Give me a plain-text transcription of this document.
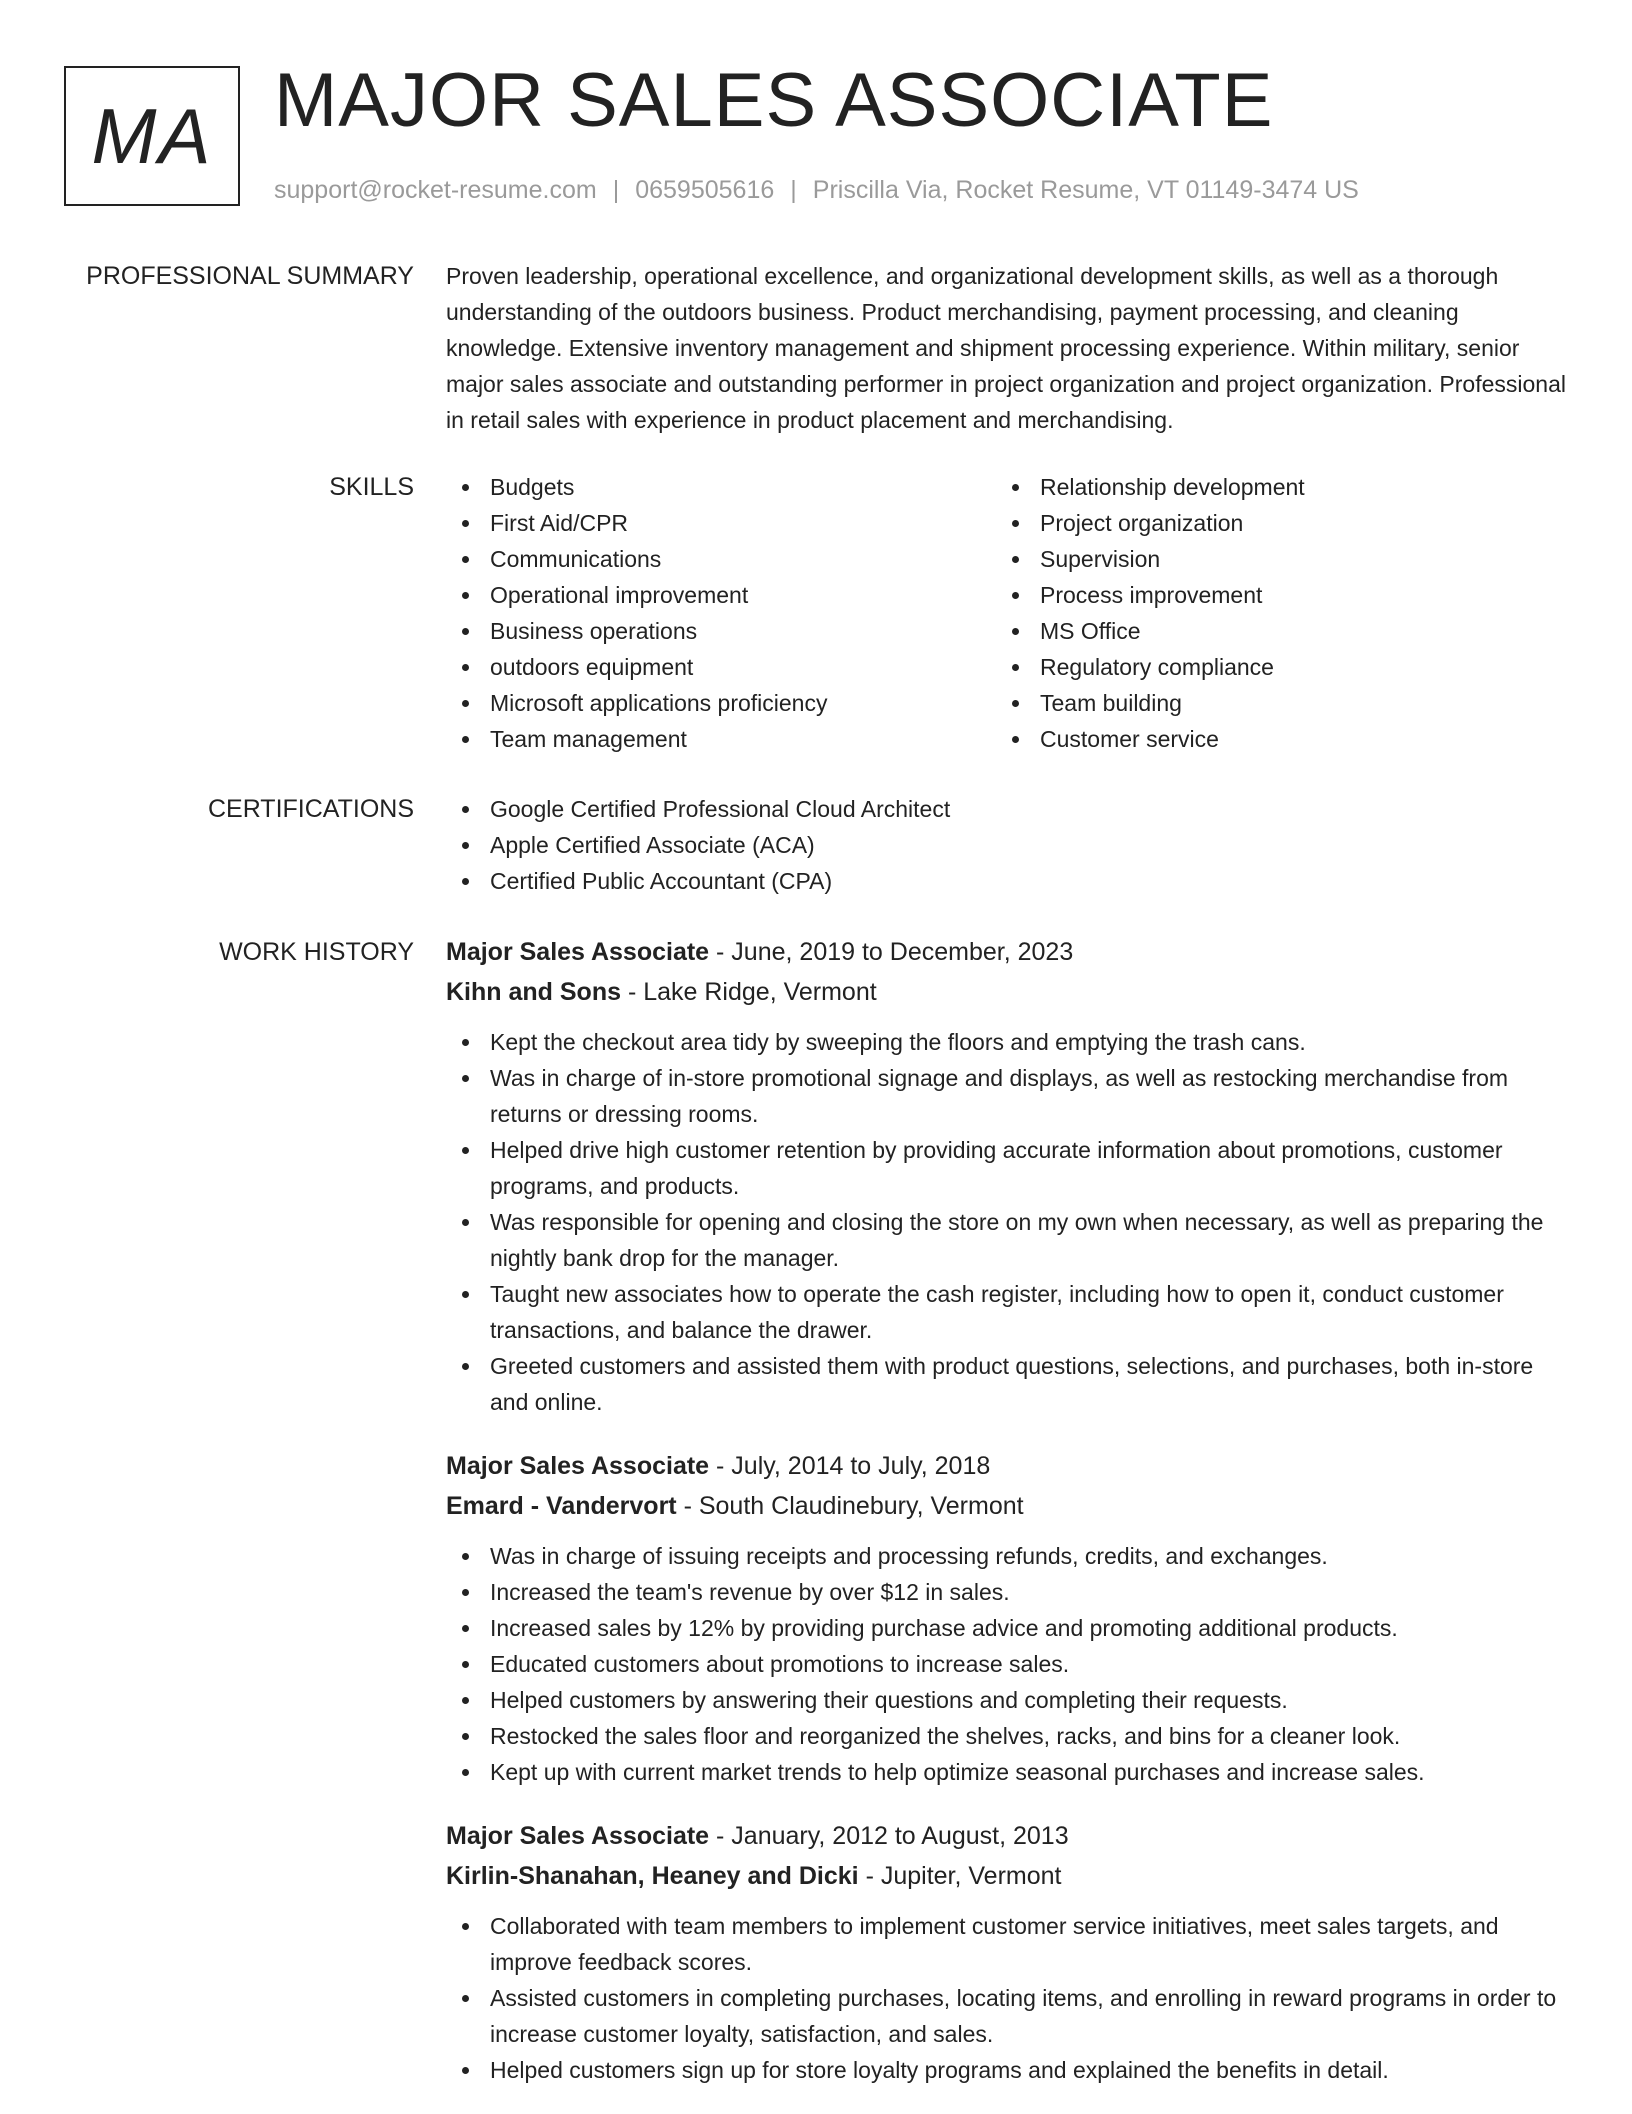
MA MAJOR SALES ASSOCIATE
support@rocket-resume.com | 0659505616 | Priscilla Via, Rocket Resume, VT 01149-3474 US
PROFESSIONAL SUMMARY Proven leadership, operational excellence, and organizational development skills, as well as a thorough understanding of the outdoors business. Product merchandising, payment processing, and cleaning knowledge. Extensive inventory management and shipment processing experience. Within military, senior major sales associate and outstanding performer in project organization and project organization. Professional in retail sales with experience in product placement and merchandising.

SKILLS	Budgets
First Aid/CPR
Communications
Operational improvement
Business operations
outdoors equipment
Microsoft applications proficiency
Team management
Relationship development
Project organization
Supervision
Process improvement
MS Office
Regulatory compliance
Team building
Customer service
CERTIFICATIONS	Google Certified Professional Cloud Architect
Apple Certified Associate (ACA)
Certified Public Accountant (CPA)
WORK HISTORY Major Sales Associate - June, 2019 to December, 2023
Kihn and Sons - Lake Ridge, Vermont
Kept the checkout area tidy by sweeping the floors and emptying the trash cans.
Was in charge of in-store promotional signage and displays, as well as restocking merchandise from returns or dressing rooms.
Helped drive high customer retention by providing accurate information about promotions, customer programs, and products.
Was responsible for opening and closing the store on my own when necessary, as well as preparing the nightly bank drop for the manager.
Taught new associates how to operate the cash register, including how to open it, conduct customer transactions, and balance the drawer.
Greeted customers and assisted them with product questions, selections, and purchases, both in-store and online.
Major Sales Associate - July, 2014 to July, 2018
Emard - Vandervort - South Claudinebury, Vermont
Was in charge of issuing receipts and processing refunds, credits, and exchanges.
Increased the team's revenue by over $12 in sales.
Increased sales by 12% by providing purchase advice and promoting additional products.
Educated customers about promotions to increase sales.
Helped customers by answering their questions and completing their requests.
Restocked the sales floor and reorganized the shelves, racks, and bins for a cleaner look.
Kept up with current market trends to help optimize seasonal purchases and increase sales.
Major Sales Associate - January, 2012 to August, 2013
Kirlin-Shanahan, Heaney and Dicki - Jupiter, Vermont
Collaborated with team members to implement customer service initiatives, meet sales targets, and improve feedback scores.
Assisted customers in completing purchases, locating items, and enrolling in reward programs in order to increase customer loyalty, satisfaction, and sales.
Helped customers sign up for store loyalty programs and explained the benefits in detail.
